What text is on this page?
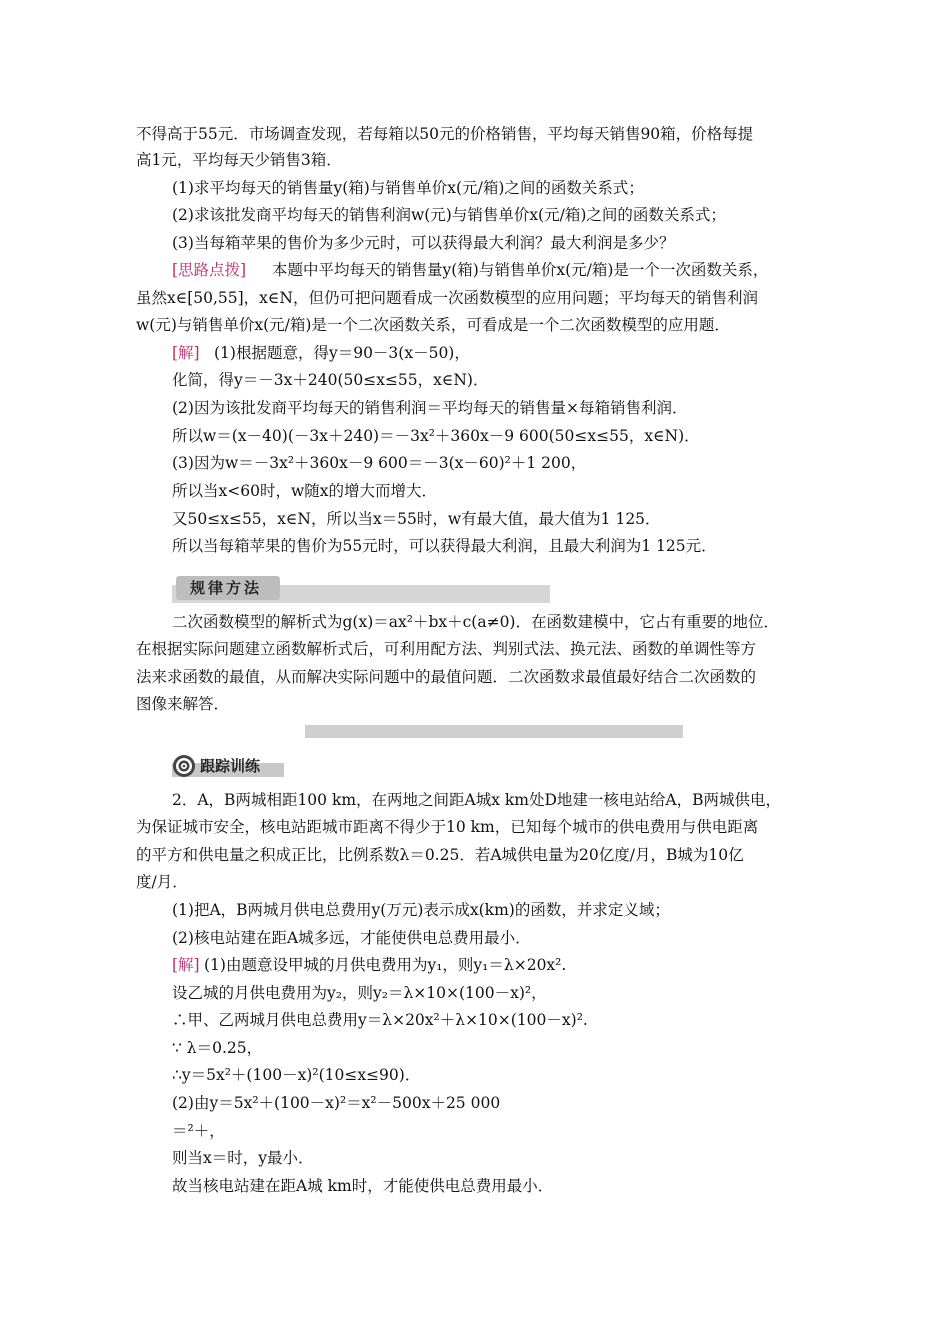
不得高于55元．市场调查发现，若每箱以50元的价格销售，平均每天销售90箱，价格每提
高1元，平均每天少销售3箱．
(1)求平均每天的销售量y(箱)与销售单价x(元/箱)之间的函数关系式；
(2)求该批发商平均每天的销售利润w(元)与销售单价x(元/箱)之间的函数关系式；
(3)当每箱苹果的售价为多少元时，可以获得最大利润？最大利润是多少？
[思路点拨] 本题中平均每天的销售量y(箱)与销售单价x(元/箱)是一个一次函数关系，
虽然x∈[50,55]，x∈N，但仍可把问题看成一次函数模型的应用问题；平均每天的销售利润
w(元)与销售单价x(元/箱)是一个二次函数关系，可看成是一个二次函数模型的应用题．
[解] (1)根据题意，得y＝90－3(x－50)，
化简，得y＝－3x＋240(50≤x≤55，x∈N)．
(2)因为该批发商平均每天的销售利润＝平均每天的销售量×每箱销售利润．
所以w＝(x－40)(－3x＋240)＝－3x²＋360x－9 600(50≤x≤55，x∈N)．
(3)因为w＝－3x²＋360x－9 600＝－3(x－60)²＋1 200，
所以当x<60时，w随x的增大而增大．
又50≤x≤55，x∈N，所以当x＝55时，w有最大值，最大值为1 125．
所以当每箱苹果的售价为55元时，可以获得最大利润，且最大利润为1 125元．
规律方法
二次函数模型的解析式为g(x)＝ax²＋bx＋c(a≠0)．在函数建模中，它占有重要的地位．
在根据实际问题建立函数解析式后，可利用配方法、判别式法、换元法、函数的单调性等方
法来求函数的最值，从而解决实际问题中的最值问题．二次函数求最值最好结合二次函数的
图像来解答．
跟踪训练
2．A，B两城相距100 km，在两地之间距A城x km处D地建一核电站给A，B两城供电，
为保证城市安全，核电站距城市距离不得少于10 km，已知每个城市的供电费用与供电距离
的平方和供电量之积成正比，比例系数λ＝0.25．若A城供电量为20亿度/月，B城为10亿
度/月．
(1)把A，B两城月供电总费用y(万元)表示成x(km)的函数，并求定义域；
(2)核电站建在距A城多远，才能使供电总费用最小．
[解] (1)由题意设甲城的月供电费用为y₁，则y₁＝λ×20x².
设乙城的月供电费用为y₂，则y₂＝λ×10×(100－x)²，
∴甲、乙两城月供电总费用y＝λ×20x²＋λ×10×(100－x)².
∵ λ＝0.25，
∴y＝5x²＋(100－x)²(10≤x≤90)．
(2)由y＝5x²＋(100－x)²＝x²－500x＋25 000
＝²＋，
则当x＝时，y最小．
故当核电站建在距A城 km时，才能使供电总费用最小．
